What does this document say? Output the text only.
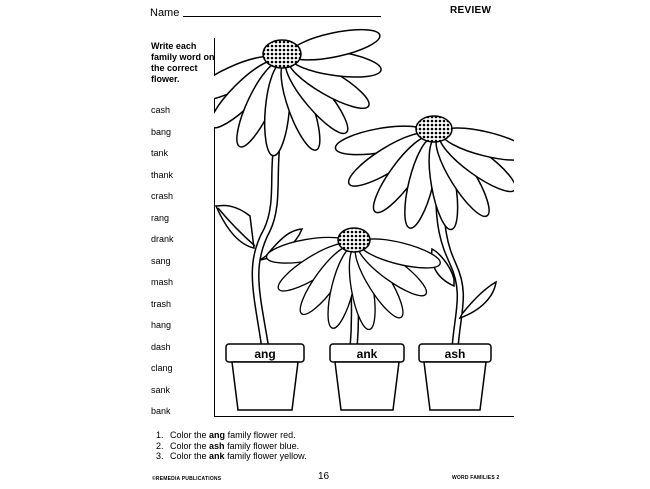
Name	REVIEW
Write each family word on the correct flower.
cash
bang
tank
thank
crash
rang
drank
sang
mash
trash
hang
dash
clang
sank
bank
ang	ank	ash
1. Color the ang family flower red.
2. Color the ash family flower blue.
3. Color the ank family flower yellow.
©REMEDIA PUBLICATIONS	16	WORD FAMILIES 2
